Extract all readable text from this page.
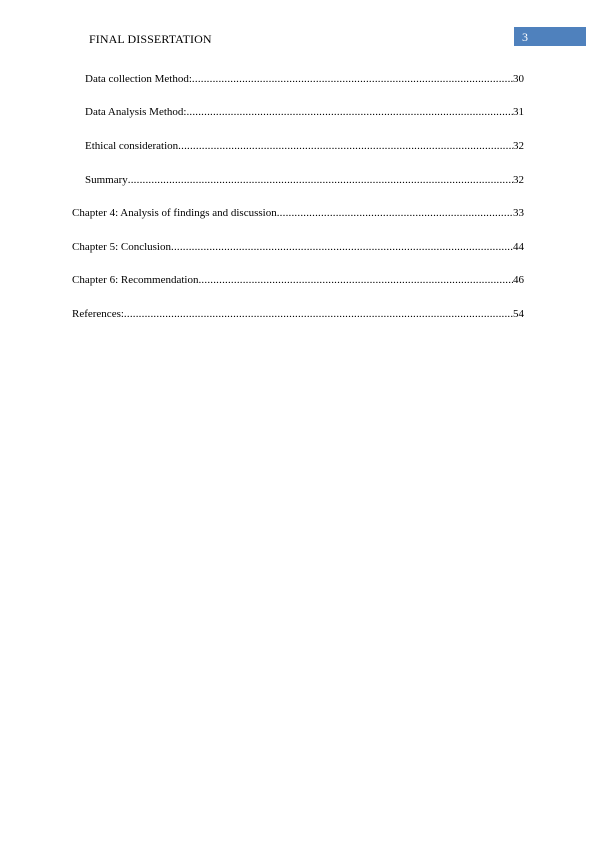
FINAL DISSERTATION	3
Data collection Method: .....	30
Data Analysis Method: .....	31
Ethical consideration .....	32
Summary .....	32
Chapter 4: Analysis of findings and discussion .....	33
Chapter 5: Conclusion .....	44
Chapter 6: Recommendation .....	46
References: .....	54
